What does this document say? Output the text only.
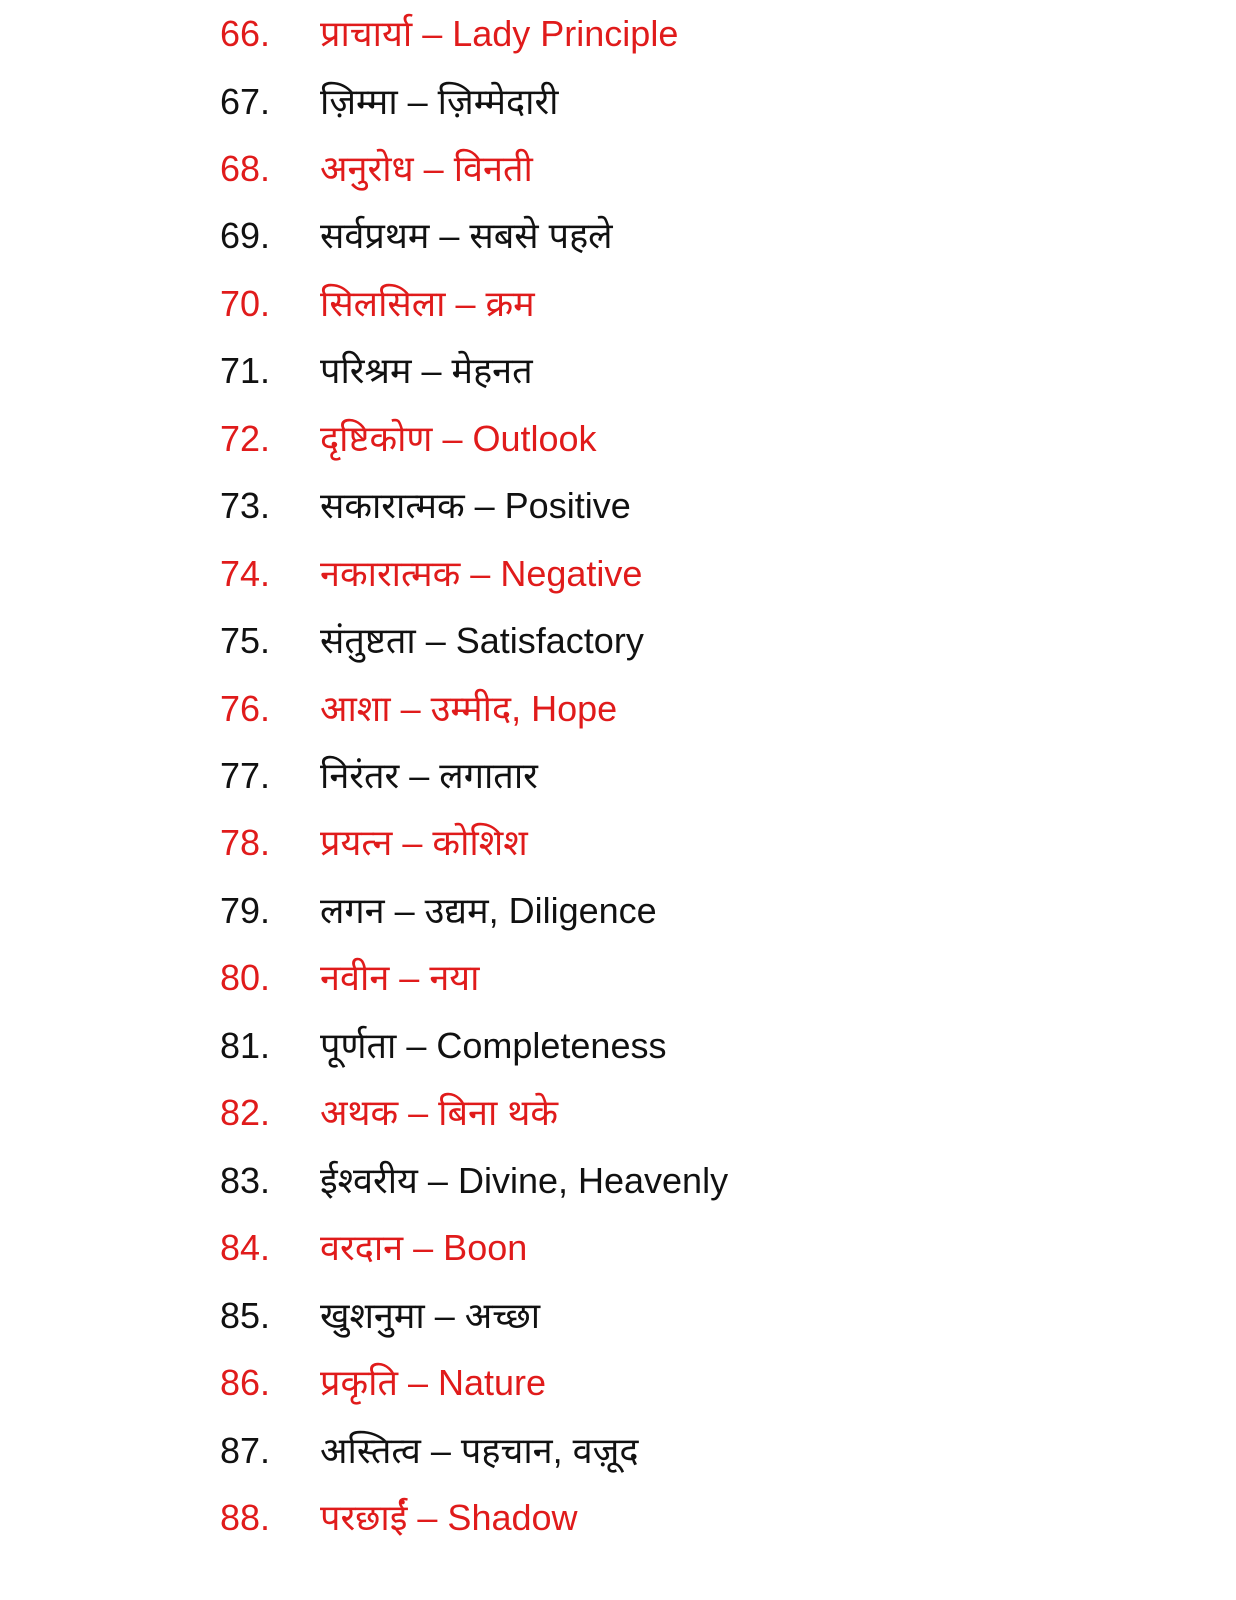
66.	प्राचार्या – Lady Principle
67.	ज़िम्मा – ज़िम्मेदारी
68.	अनुरोध – विनती
69.	सर्वप्रथम – सबसे पहले
70.	सिलसिला – क्रम
71.	परिश्रम – मेहनत
72.	दृष्टिकोण – Outlook
73.	सकारात्मक – Positive
74.	नकारात्मक – Negative
75.	संतुष्टता – Satisfactory
76.	आशा – उम्मीद, Hope
77.	निरंतर – लगातार
78.	प्रयत्न – कोशिश
79.	लगन – उद्यम, Diligence
80.	नवीन – नया
81.	पूर्णता – Completeness
82.	अथक – बिना थके
83.	ईश्वरीय – Divine, Heavenly
84.	वरदान – Boon
85.	खुशनुमा – अच्छा
86.	प्रकृति – Nature
87.	अस्तित्व – पहचान, वज़ूद
88.	परछाईं – Shadow
